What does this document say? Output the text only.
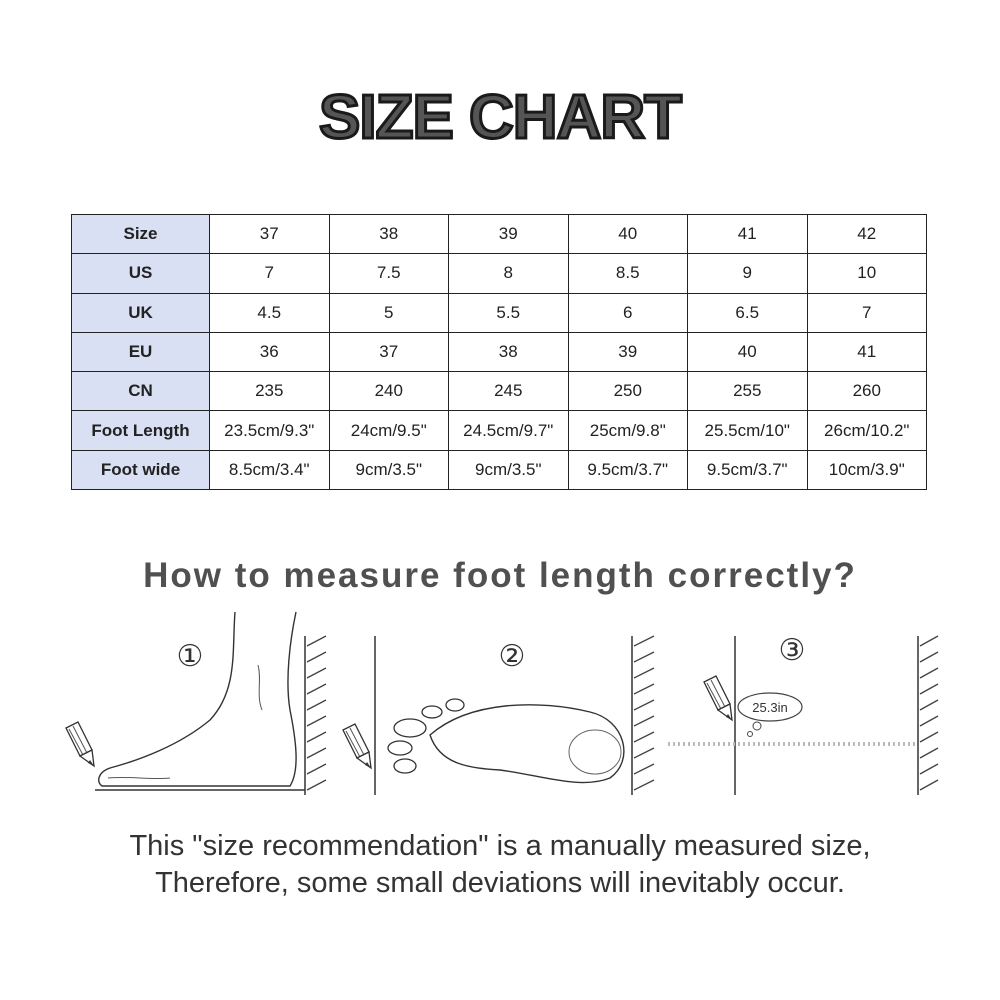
SIZE CHART
Size	37	38	39	40	41	42
US	7	7.5	8	8.5	9	10
UK	4.5	5	5.5	6	6.5	7
EU	36	37	38	39	40	41
CN	235	240	245	250	255	260
Foot Length	23.5cm/9.3"	24cm/9.5"	24.5cm/9.7"	25cm/9.8"	25.5cm/10"	26cm/10.2"
Foot wide	8.5cm/3.4"	9cm/3.5"	9cm/3.5"	9.5cm/3.7"	9.5cm/3.7"	10cm/3.9"
How to measure foot length correctly?
25.3in
①	②	③
This "size recommendation" is a manually measured size,
Therefore, some small deviations will inevitably occur.
